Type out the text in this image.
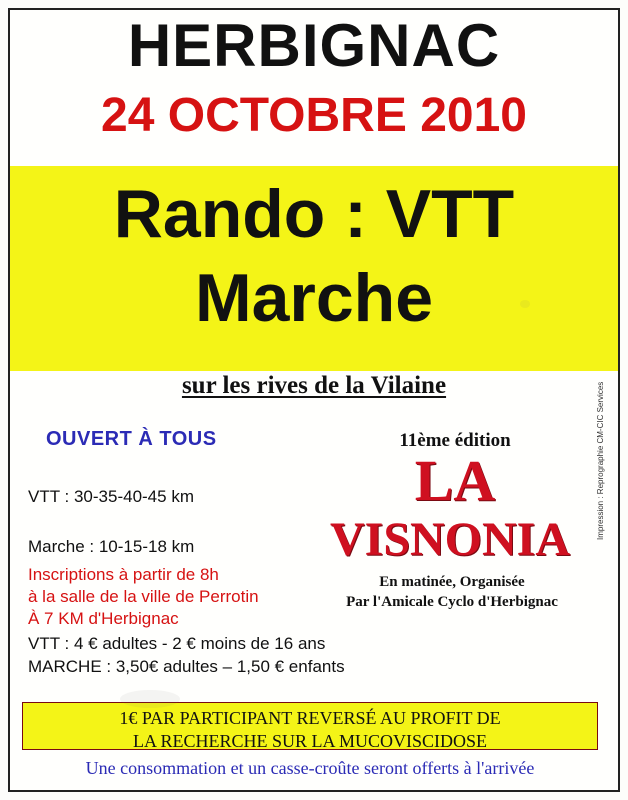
HERBIGNAC
24 OCTOBRE 2010
Rando : VTT
Marche
sur les rives de la Vilaine
OUVERT À TOUS
VTT : 30-35-40-45 km
Marche : 10-15-18 km
Inscriptions à partir de 8h
à la salle de la ville de Perrotin
À 7 KM d'Herbignac
VTT : 4 € adultes - 2 € moins de 16 ans
MARCHE : 3,50€ adultes – 1,50 € enfants
11ème édition
LA
VISNONIA
En matinée, Organisée
Par l'Amicale Cyclo d'Herbignac
Impression : Reprographie CM-CIC Services
1€ PAR PARTICIPANT REVERSÉ AU PROFIT DE
LA RECHERCHE SUR LA MUCOVISCIDOSE
Une consommation et un casse-croûte seront offerts à l'arrivée
